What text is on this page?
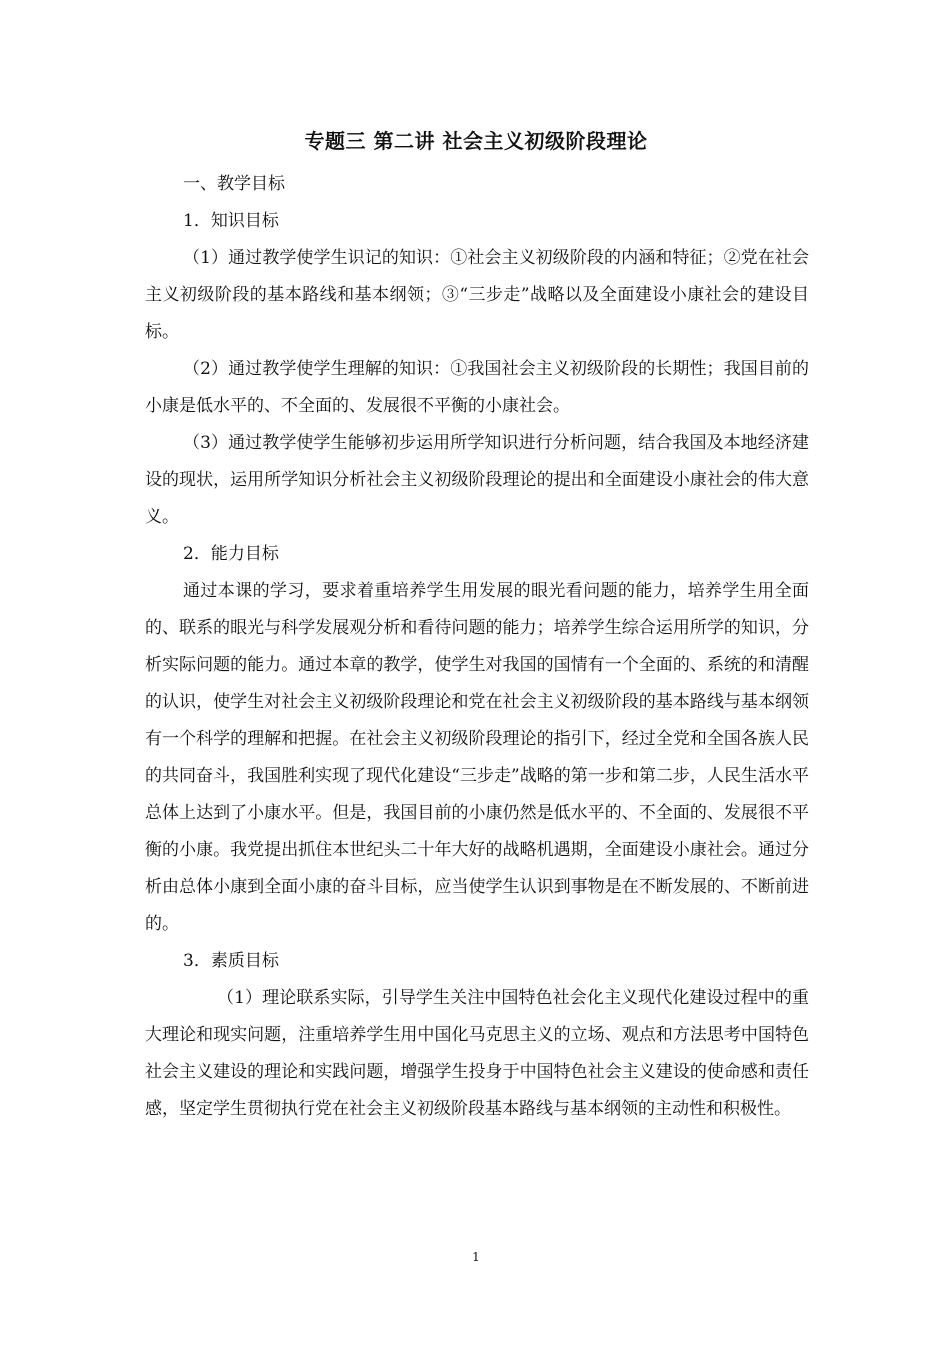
专题三 第二讲 社会主义初级阶段理论

一、教学目标

1．知识目标

（1）通过教学使学生识记的知识：①社会主义初级阶段的内涵和特征；②党在社会主义初级阶段的基本路线和基本纲领；③“三步走”战略以及全面建设小康社会的建设目标。

（2）通过教学使学生理解的知识：①我国社会主义初级阶段的长期性；我国目前的小康是低水平的、不全面的、发展很不平衡的小康社会。

（3）通过教学使学生能够初步运用所学知识进行分析问题，结合我国及本地经济建设的现状，运用所学知识分析社会主义初级阶段理论的提出和全面建设小康社会的伟大意义。

2．能力目标

通过本课的学习，要求着重培养学生用发展的眼光看问题的能力，培养学生用全面的、联系的眼光与科学发展观分析和看待问题的能力；培养学生综合运用所学的知识，分析实际问题的能力。通过本章的教学，使学生对我国的国情有一个全面的、系统的和清醒的认识，使学生对社会主义初级阶段理论和党在社会主义初级阶段的基本路线与基本纲领有一个科学的理解和把握。在社会主义初级阶段理论的指引下，经过全党和全国各族人民的共同奋斗，我国胜利实现了现代化建设“三步走”战略的第一步和第二步，人民生活水平总体上达到了小康水平。但是，我国目前的小康仍然是低水平的、不全面的、发展很不平衡的小康。我党提出抓住本世纪头二十年大好的战略机遇期，全面建设小康社会。通过分析由总体小康到全面小康的奋斗目标，应当使学生认识到事物是在不断发展的、不断前进的。

3．素质目标

（1）理论联系实际，引导学生关注中国特色社会化主义现代化建设过程中的重大理论和现实问题，注重培养学生用中国化马克思主义的立场、观点和方法思考中国特色社会主义建设的理论和实践问题，增强学生投身于中国特色社会主义建设的使命感和责任感，坚定学生贯彻执行党在社会主义初级阶段基本路线与基本纲领的主动性和积极性。

1
